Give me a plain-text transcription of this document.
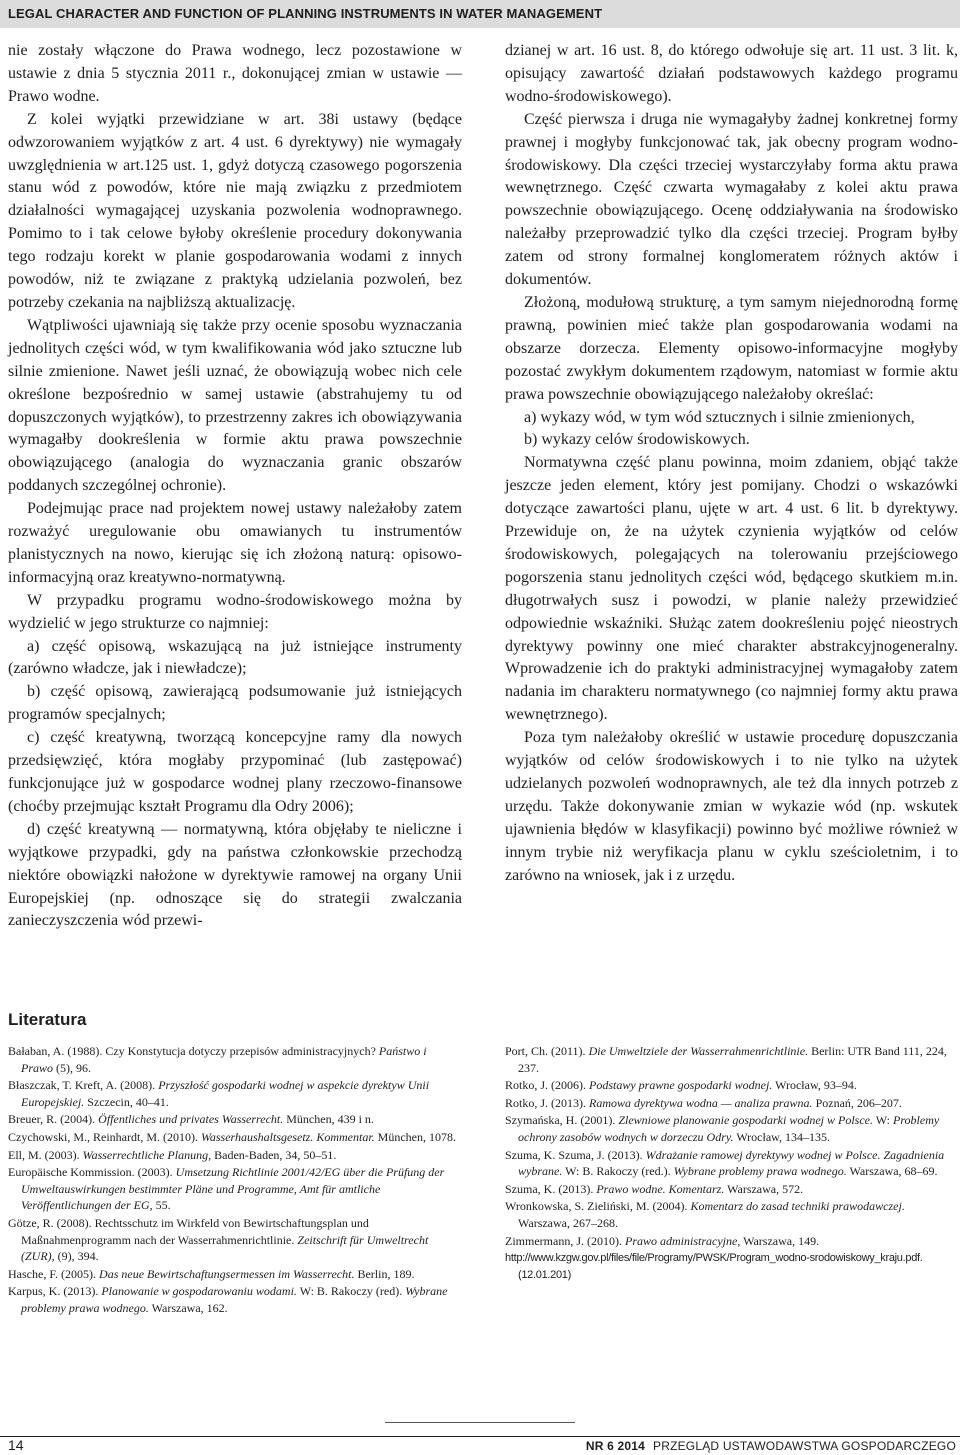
LEGAL CHARACTER AND FUNCTION OF PLANNING INSTRUMENTS IN WATER MANAGEMENT

nie zostały włączone do Prawa wodnego, lecz pozostawione w ustawie z dnia 5 stycznia 2011 r., dokonującej zmian w ustawie — Prawo wodne.

Z kolei wyjątki przewidziane w art. 38i ustawy (będące odwzorowaniem wyjątków z art. 4 ust. 6 dyrektywy) nie wymagały uwzględnienia w art.125 ust. 1, gdyż dotyczą czasowego pogorszenia stanu wód z powodów, które nie mają związku z przedmiotem działalności wymagającej uzyskania pozwolenia wodnoprawnego. Pomimo to i tak celowe byłoby określenie procedury dokonywania tego rodzaju korekt w planie gospodarowania wodami z innych powodów, niż te związane z praktyką udzielania pozwoleń, bez potrzeby czekania na najbliższą aktualizację.

Wątpliwości ujawniają się także przy ocenie sposobu wyznaczania jednolitych części wód, w tym kwalifikowania wód jako sztuczne lub silnie zmienione. Nawet jeśli uznać, że obowiązują wobec nich cele określone bezpośrednio w samej ustawie (abstrahujemy tu od dopuszczonych wyjątków), to przestrzenny zakres ich obowiązywania wymagałby dookreślenia w formie aktu prawa powszechnie obowiązującego (analogia do wyznaczania granic obszarów poddanych szczególnej ochronie).

Podejmując prace nad projektem nowej ustawy należałoby zatem rozważyć uregulowanie obu omawianych tu instrumentów planistycznych na nowo, kierując się ich złożoną naturą: opisowo-informacyjną oraz kreatywno-normatywną.

W przypadku programu wodno-środowiskowego można by wydzielić w jego strukturze co najmniej:

a) część opisową, wskazującą na już istniejące instrumenty (zarówno władcze, jak i niewładcze);

b) część opisową, zawierającą podsumowanie już istniejących programów specjalnych;

c) część kreatywną, tworzącą koncepcyjne ramy dla nowych przedsięwzięć, która mogłaby przypominać (lub zastępować) funkcjonujące już w gospodarce wodnej plany rzeczowo-finansowe (choćby przejmując kształt Programu dla Odry 2006);

d) część kreatywną — normatywną, która objęłaby te nieliczne i wyjątkowe przypadki, gdy na państwa członkowskie przechodzą niektóre obowiązki nałożone w dyrektywie ramowej na organy Unii Europejskiej (np. odnoszące się do strategii zwalczania zanieczyszczenia wód przewi-

dzianej w art. 16 ust. 8, do którego odwołuje się art. 11 ust. 3 lit. k, opisujący zawartość działań podstawowych każdego programu wodno-środowiskowego).

Część pierwsza i druga nie wymagałyby żadnej konkretnej formy prawnej i mogłyby funkcjonować tak, jak obecny program wodno-środowiskowy. Dla części trzeciej wystarczyłaby forma aktu prawa wewnętrznego. Część czwarta wymagałaby z kolei aktu prawa powszechnie obowiązującego. Ocenę oddziaływania na środowisko należałby przeprowadzić tylko dla części trzeciej. Program byłby zatem od strony formalnej konglomeratem różnych aktów i dokumentów.

Złożoną, modułową strukturę, a tym samym niejednorodną formę prawną, powinien mieć także plan gospodarowania wodami na obszarze dorzecza. Elementy opisowo-informacyjne mogłyby pozostać zwykłym dokumentem rządowym, natomiast w formie aktu prawa powszechnie obowiązującego należałoby określać:

a) wykazy wód, w tym wód sztucznych i silnie zmienionych,

b) wykazy celów środowiskowych.

Normatywna część planu powinna, moim zdaniem, objąć także jeszcze jeden element, który jest pomijany. Chodzi o wskazówki dotyczące zawartości planu, ujęte w art. 4 ust. 6 lit. b dyrektywy. Przewiduje on, że na użytek czynienia wyjątków od celów środowiskowych, polegających na tolerowaniu przejściowego pogorszenia stanu jednolitych części wód, będącego skutkiem m.in. długotrwałych susz i powodzi, w planie należy przewidzieć odpowiednie wskaźniki. Służąc zatem dookreśleniu pojęć nieostrych dyrektywy powinny one mieć charakter abstrakcyjnogeneralny. Wprowadzenie ich do praktyki administracyjnej wymagałoby zatem nadania im charakteru normatywnego (co najmniej formy aktu prawa wewnętrznego).

Poza tym należałoby określić w ustawie procedurę dopuszczania wyjątków od celów środowiskowych i to nie tylko na użytek udzielanych pozwoleń wodnoprawnych, ale też dla innych potrzeb z urzędu. Także dokonywanie zmian w wykazie wód (np. wskutek ujawnienia błędów w klasyfikacji) powinno być możliwe również w innym trybie niż weryfikacja planu w cyklu sześcioletnim, i to zarówno na wniosek, jak i z urzędu.

Literatura
Bałaban, A. (1988). Czy Konstytucja dotyczy przepisów administracyjnych? Państwo i Prawo (5), 96.
Błaszczak, T. Kreft, A. (2008). Przyszłość gospodarki wodnej w aspekcie dyrektyw Unii Europejskiej. Szczecin, 40–41.
Breuer, R. (2004). Öffentliches und privates Wasserrecht. München, 439 i n.
Czychowski, M., Reinhardt, M. (2010). Wasserhaushaltsgesetz. Kommentar. München, 1078.
Ell, M. (2003). Wasserrechtliche Planung, Baden-Baden, 34, 50–51.
Europäische Kommission. (2003). Umsetzung Richtlinie 2001/42/EG über die Prüfung der Umweltauswirkungen bestimmter Pläne und Programme, Amt für amtliche Veröffentlichungen der EG, 55.
Götze, R. (2008). Rechtsschutz im Wirkfeld von Bewirtschaftungsplan und Maßnahmenprogramm nach der Wasserrahmenrichtlinie. Zeitschrift für Umweltrecht (ZUR), (9), 394.
Hasche, F. (2005). Das neue Bewirtschaftungsermessen im Wasserrecht. Berlin, 189.
Karpus, K. (2013). Planowanie w gospodarowaniu wodami. W: B. Rakoczy (red). Wybrane problemy prawa wodnego. Warszawa, 162.
Port, Ch. (2011). Die Umweltziele der Wasserrahmenrichtlinie. Berlin: UTR Band 111, 224, 237.
Rotko, J. (2006). Podstawy prawne gospodarki wodnej. Wrocław, 93–94.
Rotko, J. (2013). Ramowa dyrektywa wodna — analiza prawna. Poznań, 206–207.
Szymańska, H. (2001). Zlewniowe planowanie gospodarki wodnej w Polsce. W: Problemy ochrony zasobów wodnych w dorzeczu Odry. Wrocław, 134–135.
Szuma, K. Szuma, J. (2013). Wdrażanie ramowej dyrektywy wodnej w Polsce. Zagadnienia wybrane. W: B. Rakoczy (red.). Wybrane problemy prawa wodnego. Warszawa, 68–69.
Szuma, K. (2013). Prawo wodne. Komentarz. Warszawa, 572.
Wronkowska, S. Zieliński, M. (2004). Komentarz do zasad techniki prawodawczej. Warszawa, 267–268.
Zimmermann, J. (2010). Prawo administracyjne, Warszawa, 149.
http://www.kzgw.gov.pl/files/file/Programy/PWSK/Program_wodno-srodowiskowy_kraju.pdf. (12.01.201)
14	NR 6 2014 PRZEGLĄD USTAWODAWSTWA GOSPODARCZEGO
